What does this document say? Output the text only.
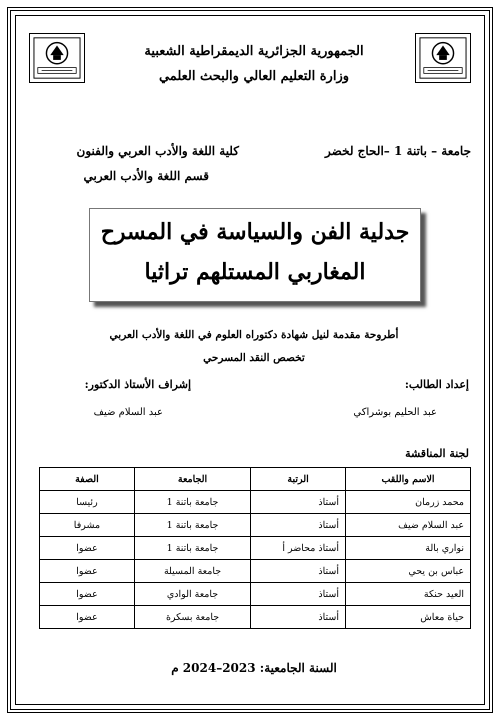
الجمهورية الجزائرية الديمقراطية الشعبية
وزارة التعليم العالي والبحث العلمي
جامعة – باتنة 1 –الحاج لخضر
كلية اللغة والأدب العربي والفنون
قسم اللغة والأدب العربي
جدلية الفن والسياسة في المسرح
المغاربي المستلهم تراثيا
أطروحة مقدمة لنيل شهادة دكتوراه العلوم في اللغة والأدب العربي
تخصص النقد المسرحي
إعداد الطالب:
إشراف الأستاذ الدكتور:
عبد الحليم بوشراكي
عبد السلام ضيف
لجنة المناقشة
الاسم واللقب	الرتبة	الجامعة	الصفة
محمد زرمان	أستاذ	جامعة باتنة 1	رئيسا
عبد السلام ضيف	أستاذ	جامعة باتنة 1	مشرفا
نواري بالة	أستاذ محاضر أ	جامعة باتنة 1	عضوا
عباس بن يحي	أستاذ	جامعة المسيلة	عضوا
العيد حنكة	أستاذ	جامعة الوادي	عضوا
حياة معاش	أستاذ	جامعة بسكرة	عضوا
السنة الجامعية: 2023–2024 م
